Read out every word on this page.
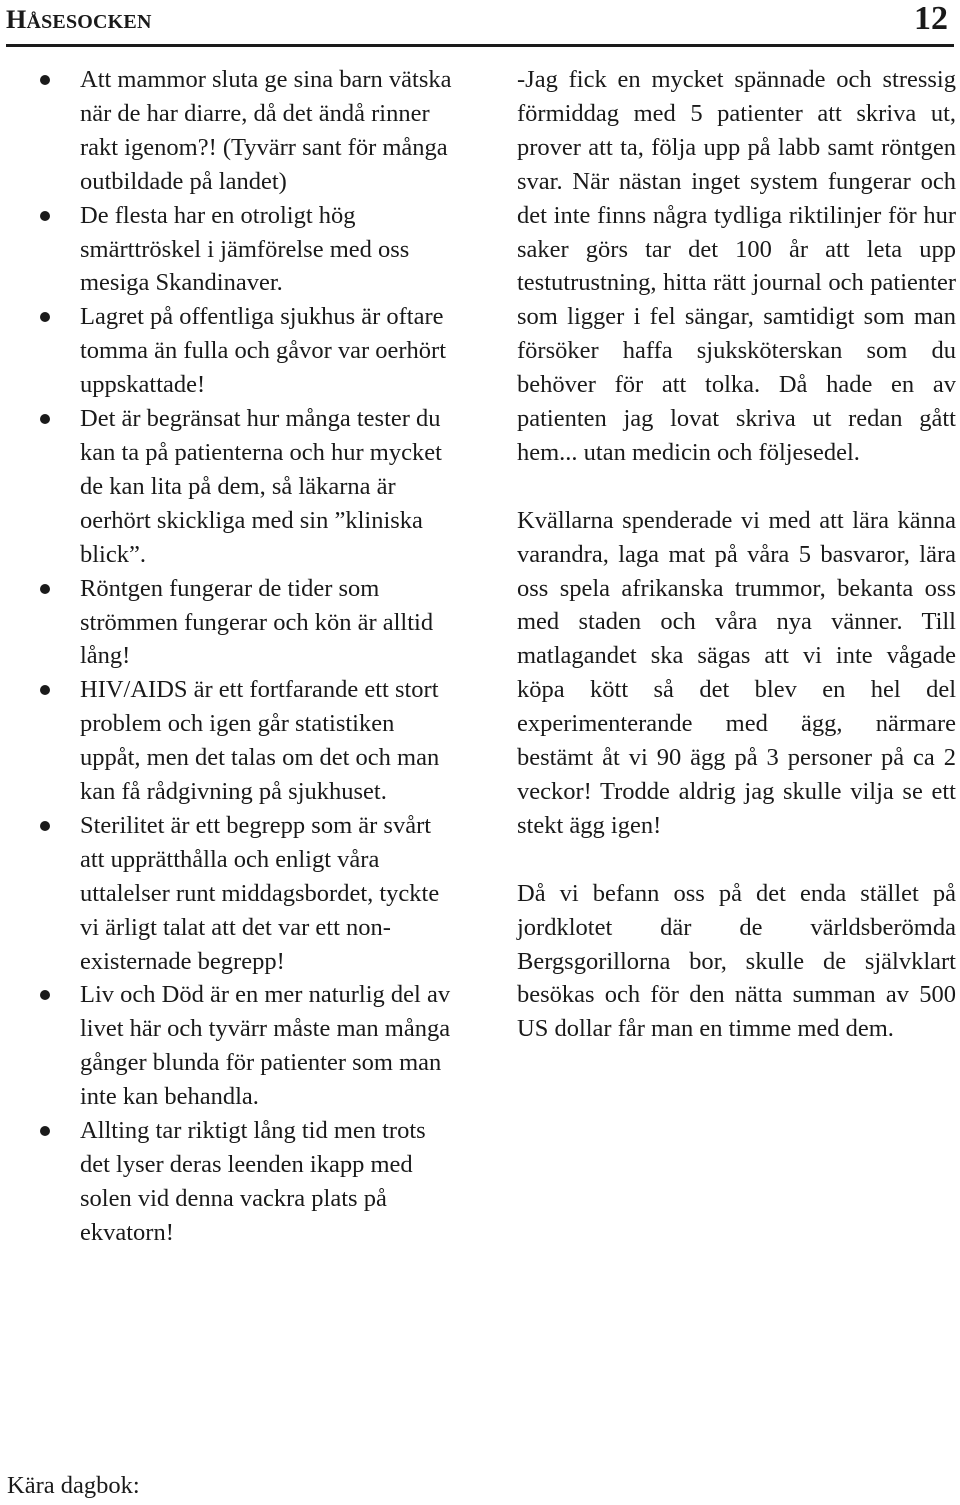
HÅSESOCKEN	12
Att mammor sluta ge sina barn vätska när de har diarre, då det ändå rinner rakt igenom?! (Tyvärr sant för många outbildade på landet)
De flesta har en otroligt hög smärttröskel i jämförelse med oss mesiga Skandinaver.
Lagret på offentliga sjukhus är oftare tomma än fulla och gåvor var oerhört uppskattade!
Det är begränsat hur många tester du kan ta på patienterna och hur mycket de kan lita på dem, så läkarna är oerhört skickliga med sin ”kliniska blick”.
Röntgen fungerar de tider som strömmen fungerar och kön är alltid lång!
HIV/AIDS är ett fortfarande ett stort problem och igen går statistiken uppåt, men det talas om det och man kan få rådgivning på sjukhuset.
Sterilitet är ett begrepp som är svårt att upprätthålla och enligt våra uttalelser runt middagsbordet, tyckte vi ärligt talat att det var ett non-existernade begrepp!
Liv och Död är en mer naturlig del av livet här och tyvärr måste man många gånger blunda för patienter som man inte kan behandla.
Allting tar riktigt lång tid men trots det lyser deras leenden ikapp med solen vid denna vackra plats på ekvatorn!

-Jag fick en mycket spännade och stressig förmiddag med 5 patienter att skriva ut, prover att ta, följa upp på labb samt röntgen svar. När nästan inget system fungerar och det inte finns några tydliga riktilinjer för hur saker görs tar det 100 år att leta upp testutrustning, hitta rätt journal och patienter som ligger i fel sängar, samtidigt som man försöker haffa sjuksköterskan som du behöver för att tolka. Då hade en av patienten jag lovat skriva ut redan gått hem... utan medicin och följesedel.

Kvällarna spenderade vi med att lära känna varandra, laga mat på våra 5 basvaror, lära oss spela afrikanska trummor, bekanta oss med staden och våra nya vänner. Till matlagandet ska sägas att vi inte vågade köpa kött så det blev en hel del experimenterande med ägg, närmare bestämt åt vi 90 ägg på 3 personer på ca 2 veckor! Trodde aldrig jag skulle vilja se ett stekt ägg igen!

Då vi befann oss på det enda stället på jordklotet där de världsberömda Bergsgorillorna bor, skulle de självklart besökas och för den nätta summan av 500 US dollar får man en timme med dem.

Kära dagbok:
